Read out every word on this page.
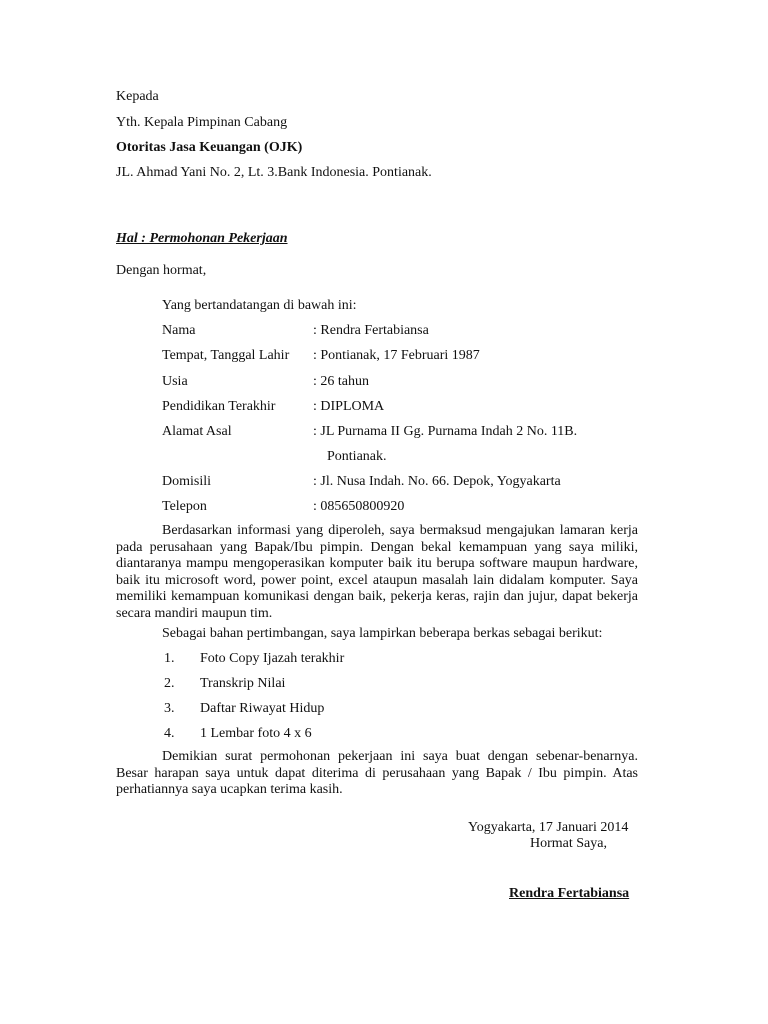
Kepada
Yth. Kepala Pimpinan Cabang
Otoritas Jasa Keuangan (OJK)
JL. Ahmad Yani No. 2, Lt. 3.Bank Indonesia. Pontianak.
Hal : Permohonan Pekerjaan
Dengan hormat,
Yang bertandatangan di bawah ini:
Nama	: Rendra Fertabiansa
Tempat, Tanggal Lahir : Pontianak, 17 Februari 1987
Usia	: 26 tahun
Pendidikan Terakhir	: DIPLOMA
Alamat Asal	: JL Purnama II Gg. Purnama Indah 2 No. 11B.
Pontianak.
Domisili	: Jl. Nusa Indah. No. 66. Depok, Yogyakarta
Telepon	: 085650800920
Berdasarkan informasi yang diperoleh, saya bermaksud mengajukan lamaran kerja pada perusahaan yang Bapak/Ibu pimpin. Dengan bekal kemampuan yang saya miliki, diantaranya mampu mengoperasikan komputer baik itu berupa software maupun hardware, baik itu microsoft word, power point, excel ataupun masalah lain didalam komputer. Saya memiliki kemampuan komunikasi dengan baik, pekerja keras, rajin dan jujur, dapat bekerja secara mandiri maupun tim.
Sebagai bahan pertimbangan, saya lampirkan beberapa berkas sebagai berikut:
1. Foto Copy Ijazah terakhir
2. Transkrip Nilai
3. Daftar Riwayat Hidup
4. 1 Lembar foto 4 x 6
Demikian surat permohonan pekerjaan ini saya buat dengan sebenar-benarnya. Besar harapan saya untuk dapat diterima di perusahaan yang Bapak / Ibu pimpin. Atas perhatiannya saya ucapkan terima kasih.
Yogyakarta, 17 Januari 2014
Hormat Saya,
Rendra Fertabiansa
